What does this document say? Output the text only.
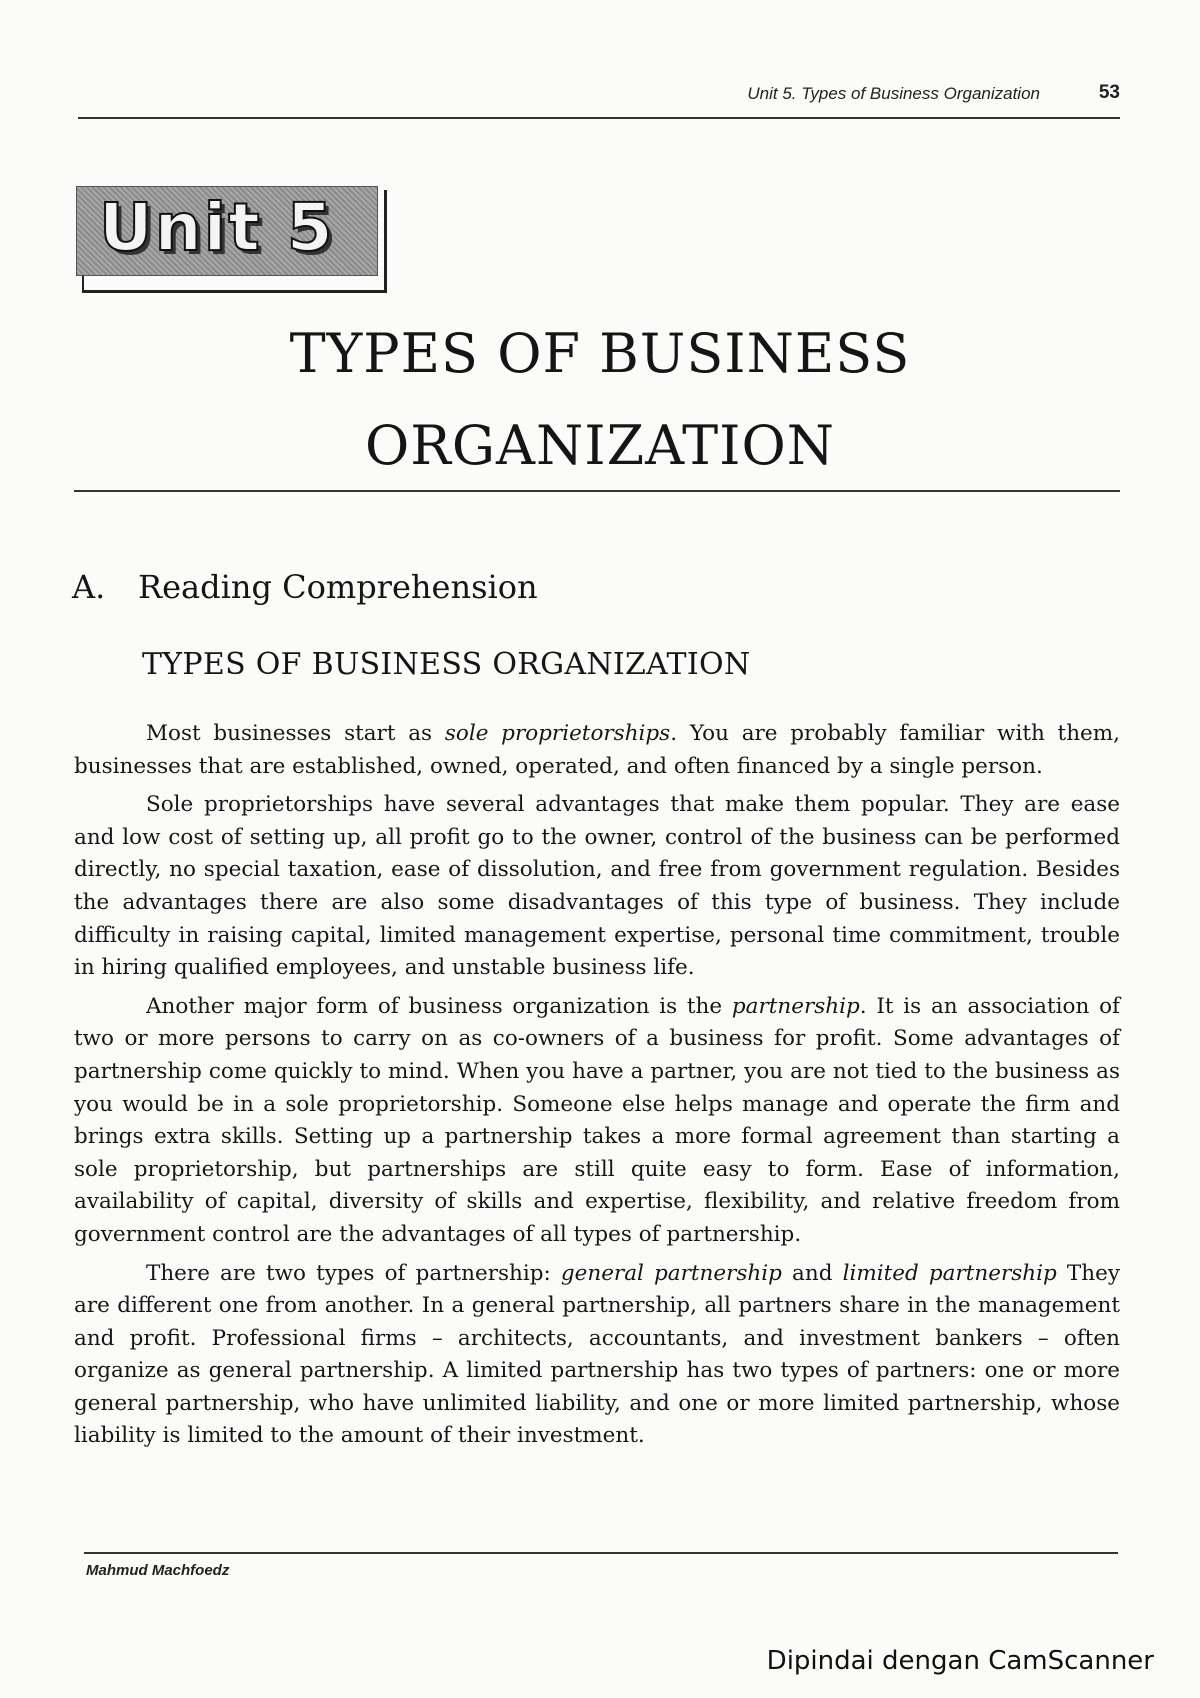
Unit 5. Types of Business Organization	53
Unit 5
TYPES OF BUSINESS ORGANIZATION
A. Reading Comprehension
TYPES OF BUSINESS ORGANIZATION

Most businesses start as sole proprietorships. You are probably familiar with them, businesses that are established, owned, operated, and often financed by a single person.

Sole proprietorships have several advantages that make them popular. They are ease and low cost of setting up, all profit go to the owner, control of the business can be performed directly, no special taxation, ease of dissolution, and free from government regulation. Besides the advantages there are also some disadvantages of this type of business. They include difficulty in raising capital, limited management expertise, personal time commitment, trouble in hiring qualified employees, and unstable business life.

Another major form of business organization is the partnership. It is an association of two or more persons to carry on as co-owners of a business for profit. Some advantages of partnership come quickly to mind. When you have a partner, you are not tied to the business as you would be in a sole proprietorship. Someone else helps manage and operate the firm and brings extra skills. Setting up a partnership takes a more formal agreement than starting a sole proprietorship, but partnerships are still quite easy to form. Ease of information, availability of capital, diversity of skills and expertise, flexibility, and relative freedom from government control are the advantages of all types of partnership.

There are two types of partnership: general partnership and limited partnership They are different one from another. In a general partnership, all partners share in the management and profit. Professional firms – architects, accountants, and investment bankers – often organize as general partnership. A limited partnership has two types of partners: one or more general partnership, who have unlimited liability, and one or more limited partnership, whose liability is limited to the amount of their investment.

Mahmud Machfoedz
Dipindai dengan CamScanner
